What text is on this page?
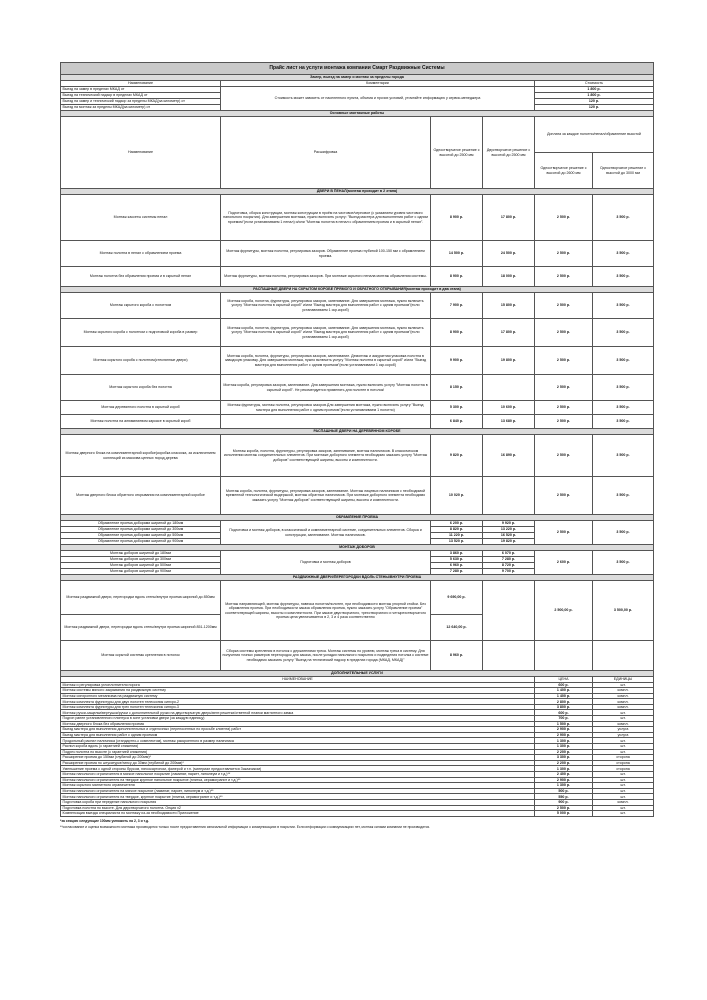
Прайс лист на услуги монтажа компании Смарт Раздвижные Системы					
Замер, выезд на замер и монтаж за пределы города					
Наименование	Комментарии			Стоимость	
Выезд на замер в пределах МКАД от	Стоимость может зависеть от населенного пункта, объема и прочих условий, уточняйте информацию у сервис-менеджера			1 800 р.	
Выезд на технический надзор в пределах МКАД от				1 800 р.	
Выезд на замер и технический надзор за пределы МКАД(за километр) от				120 р.	
Выезд на монтаж за пределы МКАД(за километр) от				120 р.	
Основные монтажные работы					
Наименование	Расшифровка	Одностворчатое решение с высотой до 2500 мм	Двустворчатое решение с высотой до 2500 мм	Доплата за каждое полотно/пенал/обрамление высотой	
				Одностворчатое решение с высотой до 2600 мм	Одностворчатое решение с высотой до 3000 мм
ДВЕРИ В ПЕНАЛ(монтаж проходит в 2 этапа)					
Монтаж кассеты системы пенал	Подготовка, сборка конструкции, монтаж конструкции в проём на чистовое/черновое (с указанием уровня чистового напольного покрытия). Для завершения монтажа, нужно включить услугу: "Выезд мастера для выполнения работ с одним проемом"(если устанавливаем 1 пенал) и/или "Монтаж полотна в пенал с обрамлением проема и в скрытый пенал".	8 900 р.	17 800 р.	2 500 р.	3 500 р.
Монтаж полотна в пенал с обрамлением проема	Монтаж фурнитуры, монтаж полотна, регулировка зазоров. Обрамление проема глубиной 100-150 мм с обрамлением проема.	14 500 р.	24 500 р.	2 500 р.	3 500 р.
Монтаж полотна без обрамления проема и в скрытый пенал	Монтаж фурнитуры, монтаж полотна, регулировка зазоров. При монтаже скрытого пенала монтаж обрамления системы.	8 900 р.	18 000 р.	2 500 р.	3 500 р.
РАСПАШНЫЕ ДВЕРИ НА СКРЫТОМ КОРОБЕ ПРЯМОГО И ОБРАТНОГО ОТКРЫВАНИЯ(монтаж проходит в два этапа)					
Монтаж скрытого короба с полотном	Монтаж короба, полотна, фурнитуры, регулировка зазоров, запенивание. Для завершения монтажа, нужно включить услугу "Монтаж полотна в скрытый короб" и/или "Выезд мастера для выполнения работ с одним проемом"(если устанавливаем 1 скр.короб)	7 900 р.	15 800 р.	2 500 р.	3 500 р.
Монтаж скрытого короба с полотном с подготовкой короба в размер	Монтаж короба, полотна, фурнитуры, регулировка зазоров, запенивание. Для завершения монтажа, нужно включить услугу "Монтаж полотна в скрытый короб" и/или "Выезд мастера для выполнения работ с одним проемом"(если устанавливаем 1 скр.короб)	8 900 р.	17 800 р.	2 500 р.	3 500 р.
Монтаж скрытого короба с полотном(стеклянные двери)	Монтаж короба, полотна, фурнитуры, регулировка зазоров, запенивание. Демонтаж и аккуратная упаковка полотна в заводскую упаковку. Для завершения монтажа, нужно включить услугу "Монтаж полотна в скрытый короб" и/или "Выезд мастера для выполнения работ с одним проемом"(если устанавливаем 1 скр.короб)	9 900 р.	19 800 р.	2 500 р.	3 500 р.
Монтаж скрытого короба без полотна	Монтаж короба, регулировка зазоров, запенивание. Для завершения монтажа, нужно включить услугу "Монтаж полотна в скрытый короб". Не рекомендуется применять для полотен в потолок!	8 150 р.		2 500 р.	3 500 р.
Монтаж деревянного полотна в скрытый короб	Монтаж фурнитуры, монтаж полотна, регулировка зазоров.Для завершения монтажа, нужно включить услугу "Выезд мастера для выполнения работ с одним проемом"(если устанавливаем 1 полотно)	5 300 р.	10 600 р.	2 500 р.	3 500 р.
Монтаж полотна на алюминиевом каркасе в скрытый короб		6 840 р.	13 680 р.	2 500 р.	3 500 р.
РАСПАШНЫЕ ДВЕРИ НА ДЕРЕВЯННОМ КОРОБЕ					
Монтаж дверного блока на комплиментарной коробке(коробка классика, за исключением коллекций из массива ценных пород дерева	Монтаж короба, полотна, фурнитуры, регулировка зазоров, запенивание, монтаж наличников. В классическом исполнении монтаж соединительных элементов. При монтаже доборного элемента необходимо заказать услугу "Монтаж доборов" соответствующей ширины, высоты и комплектности.	9 820 р.	16 890 р.	2 500 р.	3 500 р.
Монтаж дверного блока обратного открывания на комплиментарной коробке	Монтаж короба, полотна, фурнитуры, регулировка зазоров, запенивание. Монтаж лицевых наличников с необходимой временной технологической выдержкой, монтаж обратных наличников. При монтаже доборного элемента необходимо заказать услугу "Монтаж доборов" соответствующей ширины, высоты и комплектности.	10 020 р.		2 500 р.	3 500 р.
ОБРАМЛЕНИЕ ПРОЕМА					
Обрамление проема доборами шириной до 180мм	Подготовка и монтаж доборов, в классической и комплиментарной системе, соединительных элементов. Сборка и конструкции, запенивание. Монтаж наличников.	6 200 р.	9 920 р.	2 500 р.	3 500 р.
Обрамление проема доборами шириной до 300мм		8 820 р.	13 220 р.		
Обрамление проема доборами шириной до 500мм		11 220 р.	16 520 р.		
Обрамление проема доборами шириной до 900мм		13 520 р.	19 820 р.		
МОНТАЖ ДОБОРОВ					
Монтаж доборов шириной до 180мм	Подготовка и монтаж доборов	3 860 р.	6 070 р.	2 600 р.	3 500 р.
Монтаж доборов шириной до 300мм		5 630 р.	7 280 р.		
Монтаж доборов шириной до 500мм		6 960 р.	8 720 р.		
Монтаж доборов шириной до 900мм		7 280 р.	9 700 р.		
РАЗДВИЖНЫЕ ДВЕРИ/ПЕРЕГОРОДКИ ВДОЛЬ СТЕНЫ/ВНУТРИ ПРОЕМА					
Монтаж раздвижной двери, перегородки вдоль стены/внутри проема шириной до 850мм	Монтаж направляющей, монтаж фурнитуры, навеска полотна/полотен, при необходимости монтаж упорной стойки. Без обрамления проема. При необходимости заказа обрамления проема, нужно заказать услугу "Обрамление проема" соответствующей ширины, высоты и комплектности. При заказе двустворчатого, трехстворчатого и четырехстворчатого проема цена увеличивается в 2, 3 и 4 раза соответственно	9 690,00 р.		2 500,00 р.	3 500,00 р.
Монтаж раздвижной двери, перегородки вдоль стены/внутри проема шириной 851-1200мм		12 640,00 р.			
Монтаж скрытой системы крепления в потолок	Сборка системы крепления в потолок с держателями трека. Монтаж системы по уровню, монтаж трека в систему. Для получения точных размеров перегородок для заказа, после укладки напольного покрытия и подведения потолка к системе необходимо заказать услугу "Выезд на технический надзор в пределах города (МКАД, МКАД)"	8 960 р.			
ДОПОЛНИТЕЛЬНЫЕ УСЛУГИ					
НАИМЕНОВАНИЕ				ЦЕНА	ЕДИНИЦЫ
Монтаж и регулировка углоплотнителя порога				600 р.	шт.
Монтаж системы мягкого закрывания на раздвижную систему				1 400 р.	компл.
Монтаж синхронного механизма на раздвижную систему				1 400 р.	компл.
Монтаж комплекта фурнитуры для двух полотен телескопик синхро-2				2 800 р.	компл.
Монтаж комплекта фурнитуры для трех полотен телескопик синхро-3				3 800 р.	компл.
Монтаж ручки-защелки/вертушки/ручки с дополнительной ручки на двустворчатую дверь/вент.решетки/ответной планки магнитного замка				600 р.	шт.
Подгон ранее установленного плинтуса в зоне установки двери (за каждую единицу)				700 р.	шт.
Монтаж дверного блока без обрамления проема				1 500 р.	компл.
Выезд мастера для выполнения дополнительных и отделочных (переносенных по просьбе клиента) работ				2 900 р.	услуга
Выезд мастера для выполнения работ с одним проемом				2 900 р.	услуга
Продольный распил наличника (стандартно-с комплектом), монтаж раскроенного в размер наличника				1 300 р.	шт.
Распил короба вдоль (с гарантией снижения)				1 300 р.	шт.
Подрез полотна по высоте (с гарантией снижения)				2 200 р.	шт.
Расширение проема до 150мм (глубиной до 200мм)*				3 300 р.	сторона
Расширение проема по штукатурке/гипсу до 30мм (глубиной до 200мм)*				2 200 р.	сторона
Уменьшение проема с одной стороны брусом, гипсокартоном, фанерой и т.п. (материал предоставляется Заказчиком)				1 300 р.	сторона
Монтаж напольного ограничителя в мягкое напольное покрытие (ламинат, паркет, линолеум и т.д.)**				2 400 р.	шт.
Монтаж напольного ограничителя на твердое крупное напольное покрытие (плитка, керамогранит и т.д.)**				2 900 р.	шт.
Монтаж скрытого магнитного ограничителя				1 300 р.	шт.
Монтаж напольного ограничителя на мягкое покрытие (ламинат, паркет, линолеум и т.д.)**				500 р.	шт.
Монтаж напольного ограничителя на твердое, крупное покрытие (плитка, керамогранит и т.д.)**				550 р.	шт.
Подготовка короба при переделке напольного покрытия				900 р.	компл.
Подготовка полотна по высоте. Для двустворчатого полотна. Опция х2				2 500 р.	шт.
Компенсация выезда специалиста по монтажу из-за необходимости Приложение				5 000 р.	шт.
*за секцию следующие 100мм умножить на 2, 3 и т.д.
**согласование и оценка возможности монтажа производится только после предоставления изначальной информации о коммуникациях в покрытии. Если информации о коммуникациях нет, монтаж силами компании не производится.
